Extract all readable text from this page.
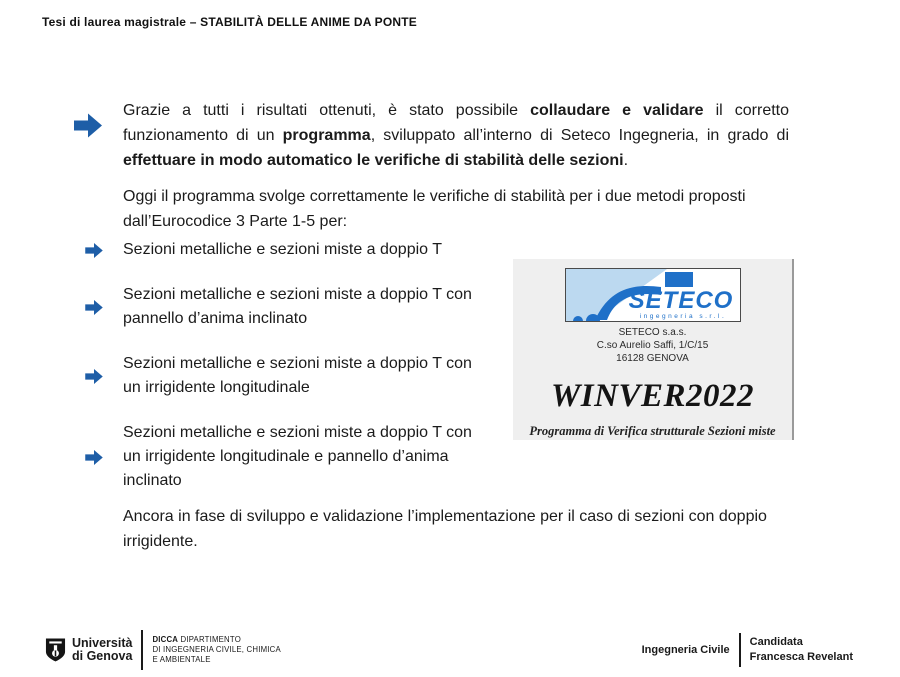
Tesi di laurea magistrale – STABILITÀ DELLE ANIME DA PONTE

Grazie a tutti i risultati ottenuti, è stato possibile collaudare e validare il corretto funzionamento di un programma, sviluppato all’interno di Seteco Ingegneria, in grado di effettuare in modo automatico le verifiche di stabilità delle sezioni.

Oggi il programma svolge correttamente le verifiche di stabilità per i due metodi proposti dall’Eurocodice 3 Parte 1-5 per:

Sezioni metalliche e sezioni miste a doppio T
Sezioni metalliche e sezioni miste a doppio T con pannello d’anima inclinato
Sezioni metalliche e sezioni miste a doppio T con un irrigidente longitudinale
Sezioni metalliche e sezioni miste a doppio T con un irrigidente longitudinale e pannello d’anima inclinato

Ancora in fase di sviluppo e validazione l’implementazione per il caso di sezioni con doppio irrigidente.

SETECO
ingegneria s.r.l.
SETECO s.a.s.
C.so Aurelio Saffi, 1/C/15
16128 GENOVA
WINVER2022
Programma di Verifica strutturale Sezioni miste
Università
di Genova
DICCA DIPARTIMENTO
DI INGEGNERIA CIVILE, CHIMICA
E AMBIENTALE
Ingegneria Civile
Candidata
Francesca Revelant
